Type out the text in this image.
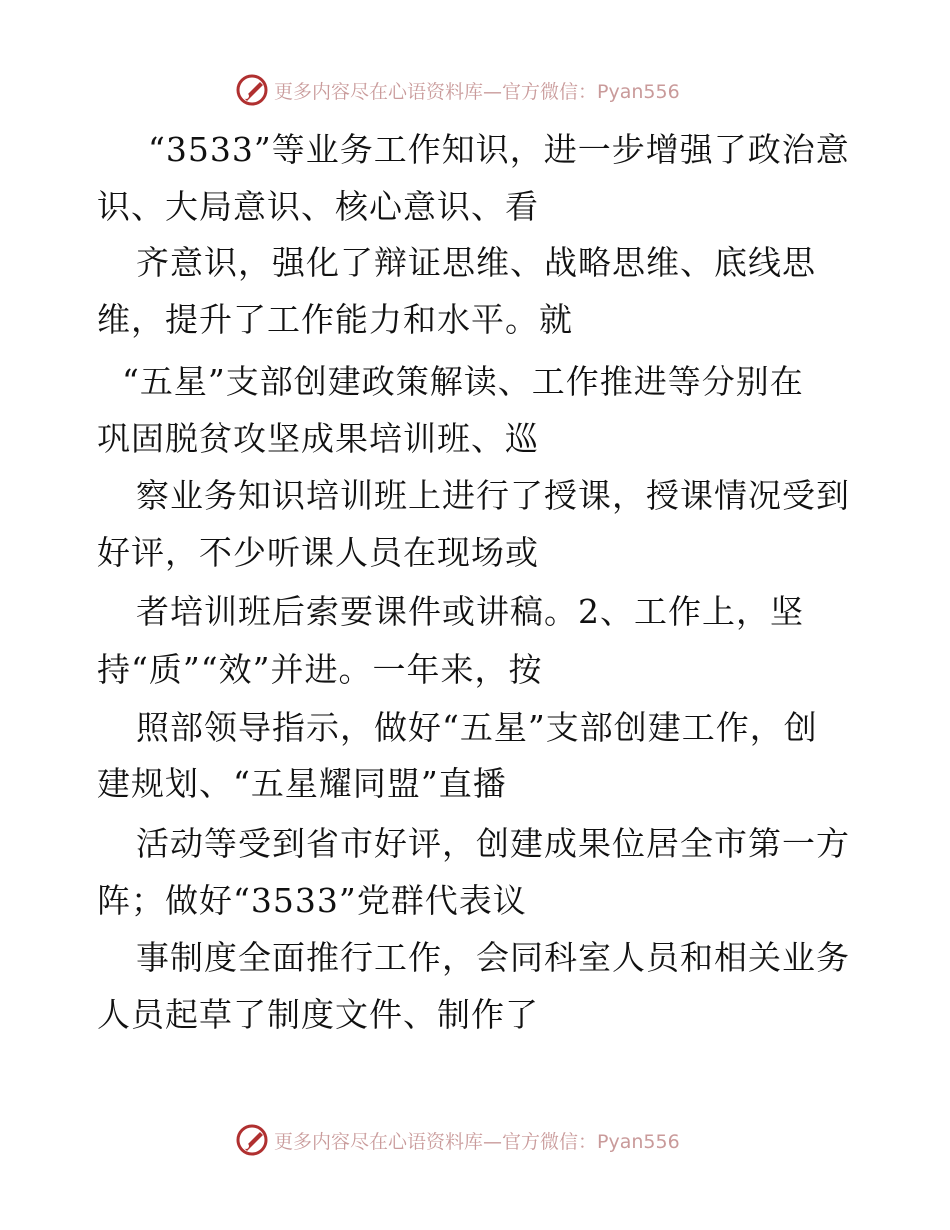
更多内容尽在心语资料库 —官方微信：Pyan556
“3533”等业务工作知识，进一步增强了政治意
识、大局意识、核心意识、看
齐意识，强化了辩证思维、战略思维、底线思
维，提升了工作能力和水平。就
“五星”支部创建政策解读、工作推进等分别在
巩固脱贫攻坚成果培训班、巡
察业务知识培训班上进行了授课，授课情况受到
好评，不少听课人员在现场或
者培训班后索要课件或讲稿。2、工作上，坚
持“质”“效”并进。一年来，按
照部领导指示，做好“五星”支部创建工作，创
建规划、“五星耀同盟”直播
活动等受到省市好评，创建成果位居全市第一方
阵；做好“3533”党群代表议
事制度全面推行工作，会同科室人员和相关业务
人员起草了制度文件、制作了
更多内容尽在心语资料库 —官方微信：Pyan556
